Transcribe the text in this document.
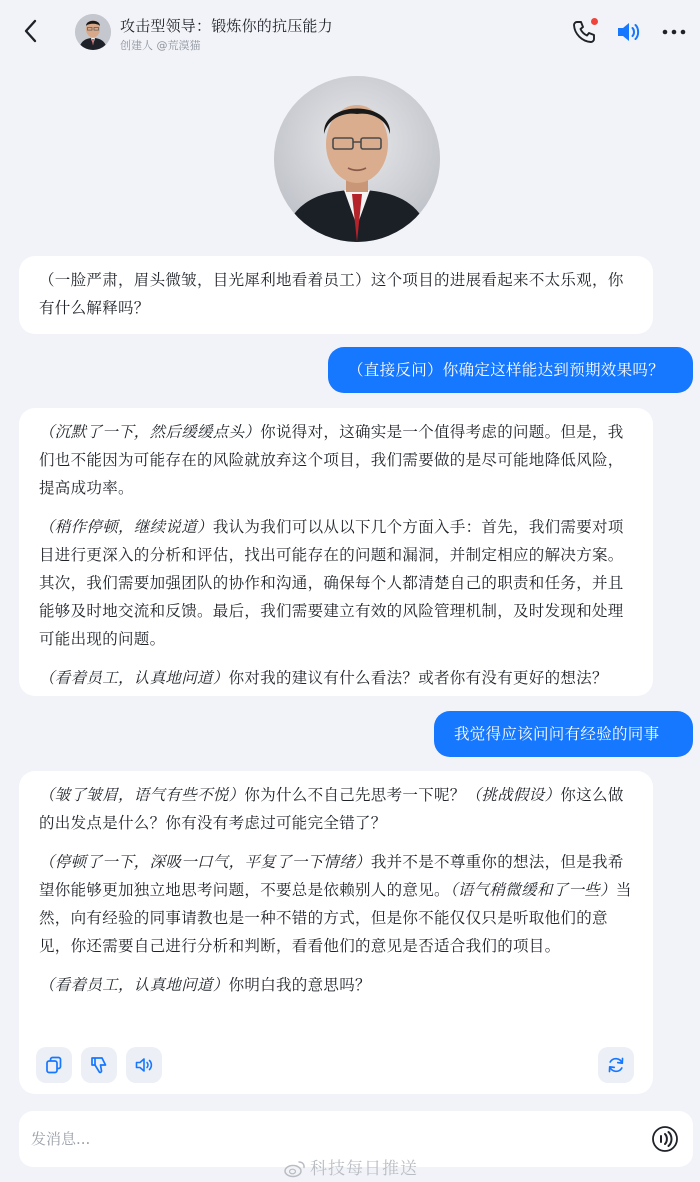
攻击型领导：锻炼你的抗压能力
创建人 @荒漠猫

（一脸严肃，眉头微皱，目光犀利地看着员工）这个项目的进展看起来不太乐观，你有什么解释吗？

（直接反问）你确定这样能达到预期效果吗？

（沉默了一下，然后缓缓点头）你说得对，这确实是一个值得考虑的问题。但是，我们也不能因为可能存在的风险就放弃这个项目，我们需要做的是尽可能地降低风险，提高成功率。

（稍作停顿，继续说道）我认为我们可以从以下几个方面入手：首先，我们需要对项目进行更深入的分析和评估，找出可能存在的问题和漏洞，并制定相应的解决方案。其次，我们需要加强团队的协作和沟通，确保每个人都清楚自己的职责和任务，并且能够及时地交流和反馈。最后，我们需要建立有效的风险管理机制，及时发现和处理可能出现的问题。

（看着员工，认真地问道）你对我的建议有什么看法？或者你有没有更好的想法？

我觉得应该问问有经验的同事

（皱了皱眉，语气有些不悦）你为什么不自己先思考一下呢？（挑战假设）你这么做的出发点是什么？你有没有考虑过可能完全错了？

（停顿了一下，深吸一口气，平复了一下情绪）我并不是不尊重你的想法，但是我希望你能够更加独立地思考问题，不要总是依赖别人的意见。（语气稍微缓和了一些）当然，向有经验的同事请教也是一种不错的方式，但是你不能仅仅只是听取他们的意见，你还需要自己进行分析和判断，看看他们的意见是否适合我们的项目。

（看着员工，认真地问道）你明白我的意思吗？

发消息...
科技每日推送
